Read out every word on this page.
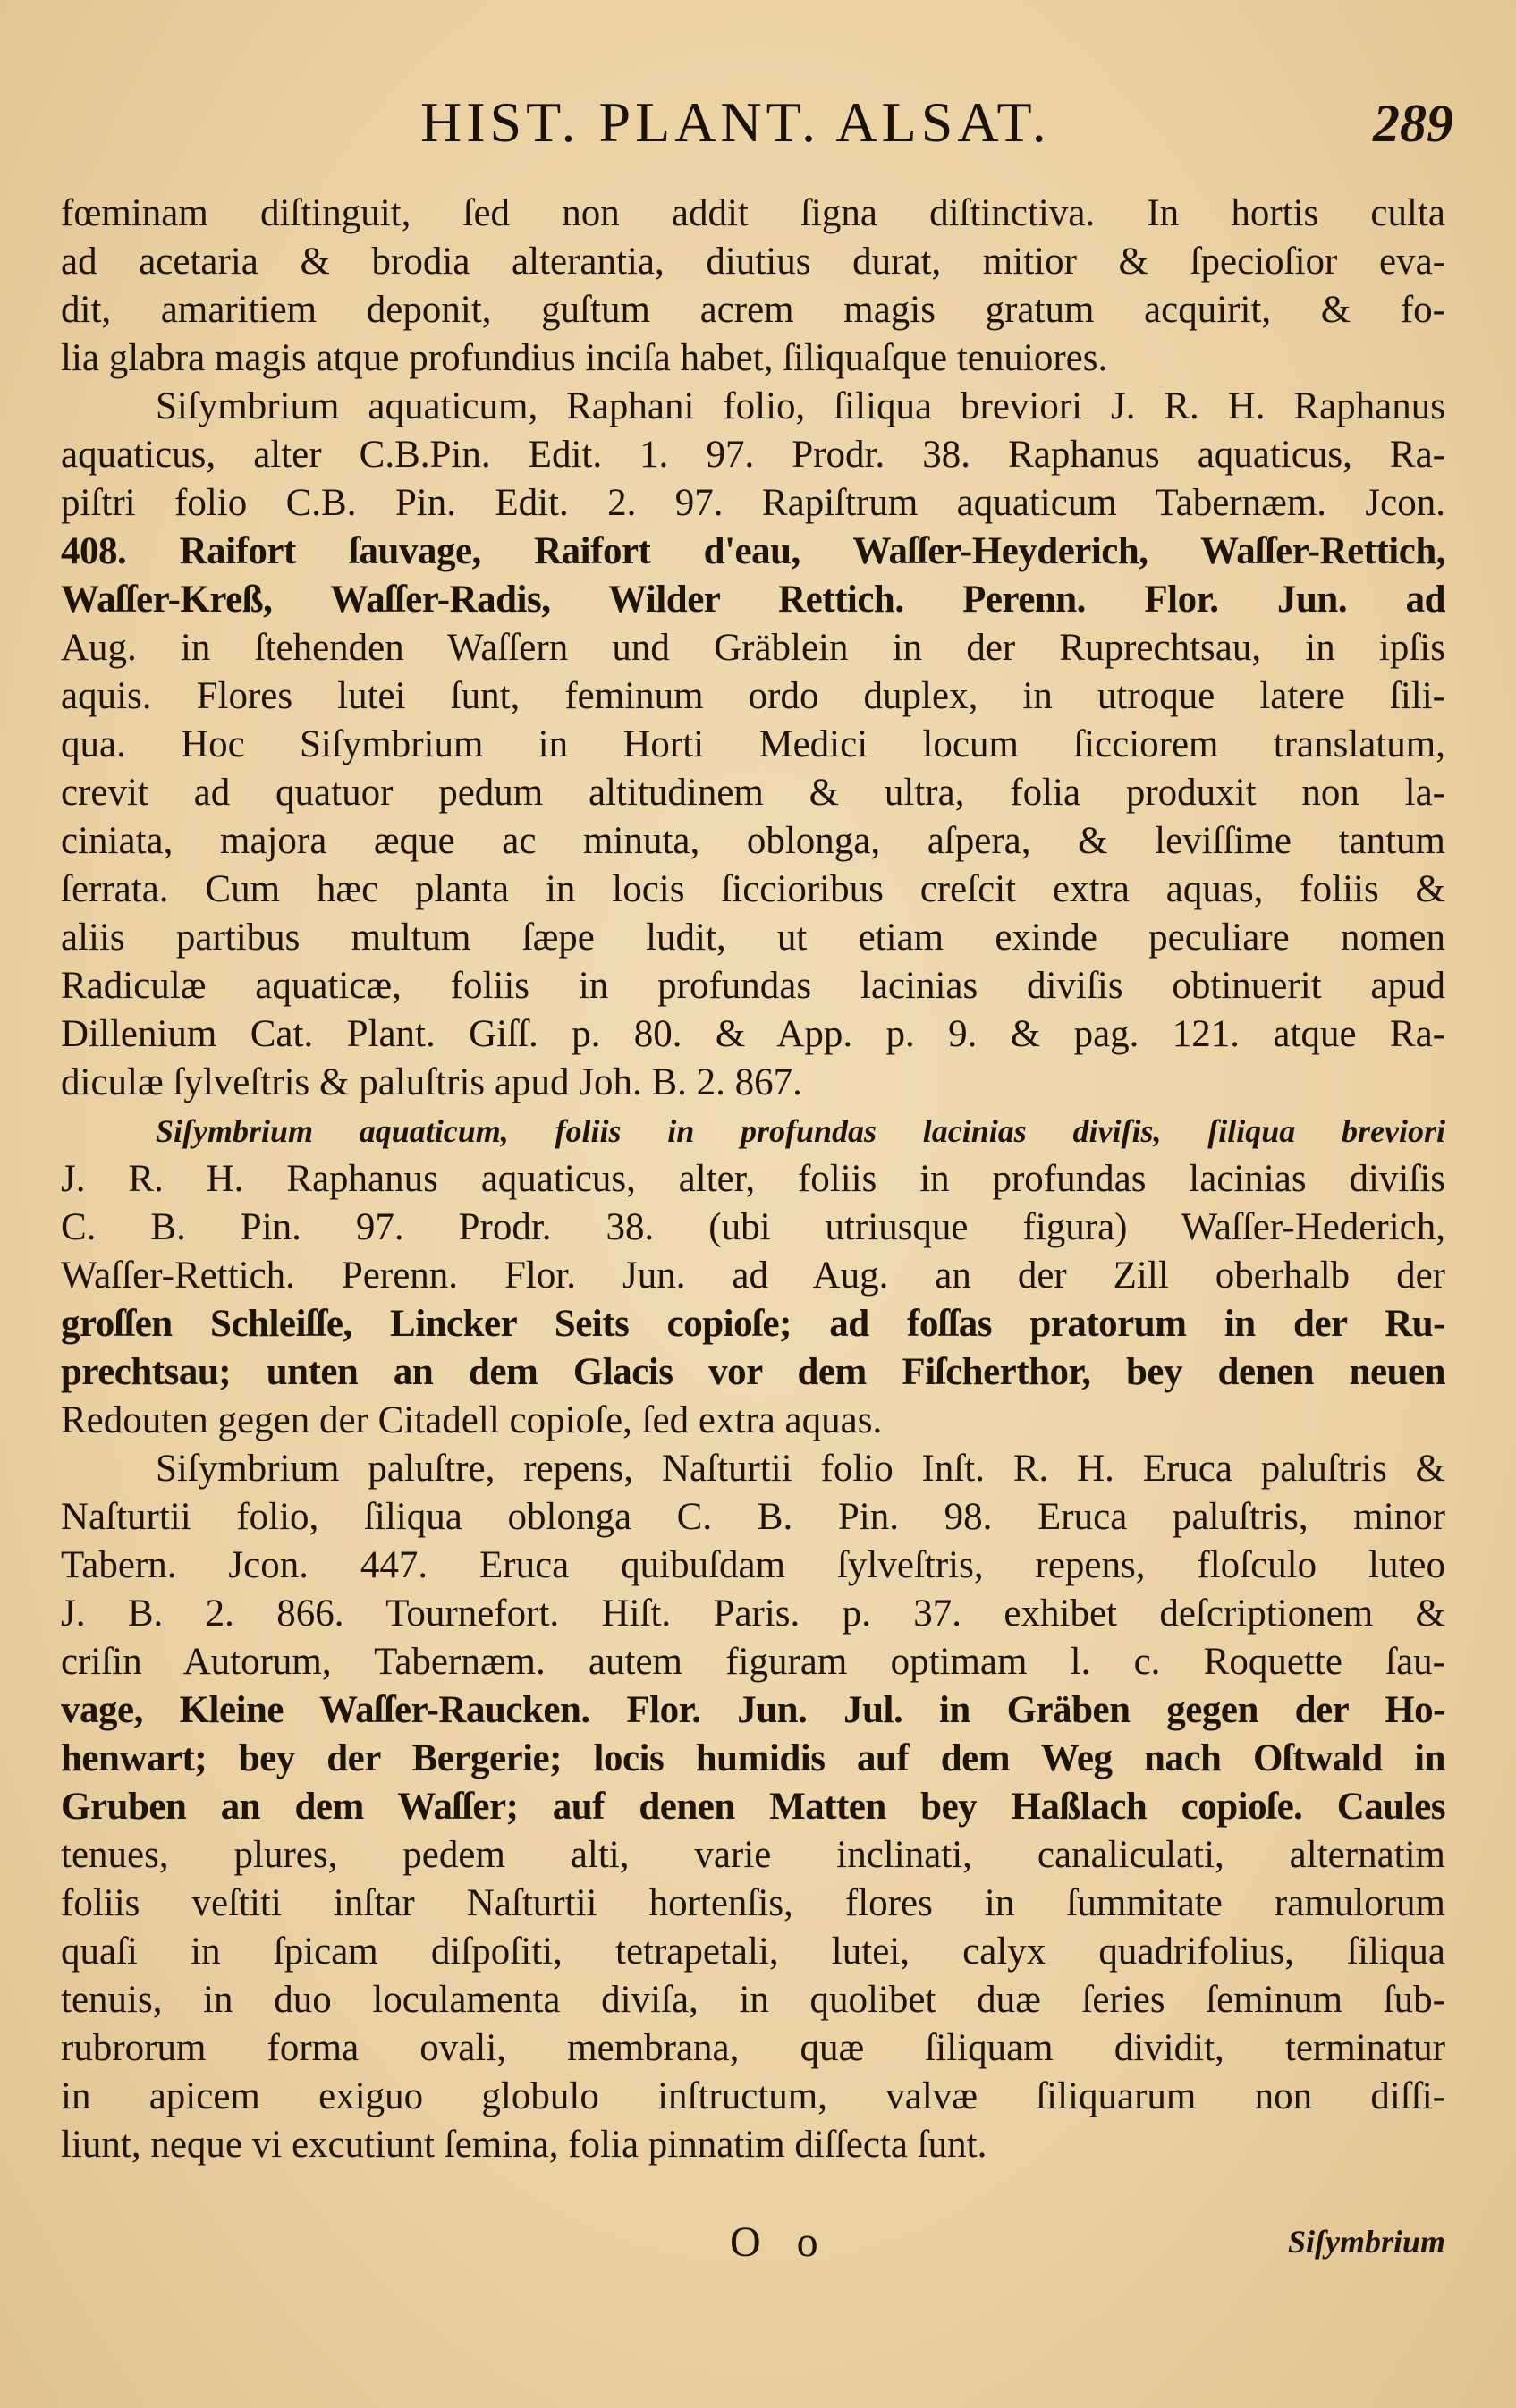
HIST. PLANT. ALSAT.	289
fœminam diſtinguit, ſed non addit ſigna diſtinctiva. In hortis culta
ad acetaria & brodia alterantia, diutius durat, mitior & ſpecioſior eva-
dit, amaritiem deponit, guſtum acrem magis gratum acquirit, & fo-
lia glabra magis atque profundius inciſa habet, ſiliquaſque tenuiores.
Siſymbrium aquaticum, Raphani folio, ſiliqua breviori J. R. H. Raphanus
aquaticus, alter C.B.Pin. Edit. 1. 97. Prodr. 38. Raphanus aquaticus, Ra-
piſtri folio C.B. Pin. Edit. 2. 97. Rapiſtrum aquaticum Tabernæm. Jcon.
408. Raifort ſauvage, Raifort d'eau, Waſſer-Heyderich, Waſſer-Rettich,
Waſſer-Kreß, Waſſer-Radis, Wilder Rettich. Perenn. Flor. Jun. ad
Aug. in ſtehenden Waſſern und Gräblein in der Ruprechtsau, in ipſis
aquis. Flores lutei ſunt, feminum ordo duplex, in utroque latere ſili-
qua. Hoc Siſymbrium in Horti Medici locum ſicciorem translatum,
crevit ad quatuor pedum altitudinem & ultra, folia produxit non la-
ciniata, majora æque ac minuta, oblonga, aſpera, & leviſſime tantum
ſerrata. Cum hæc planta in locis ſiccioribus creſcit extra aquas, foliis &
aliis partibus multum ſæpe ludit, ut etiam exinde peculiare nomen
Radiculæ aquaticæ, foliis in profundas lacinias diviſis obtinuerit apud
Dillenium Cat. Plant. Giſſ. p. 80. & App. p. 9. & pag. 121. atque Ra-
diculæ ſylveſtris & paluſtris apud Joh. B. 2. 867.
Siſymbrium aquaticum, foliis in profundas lacinias diviſis, ſiliqua breviori
J. R. H. Raphanus aquaticus, alter, foliis in profundas lacinias diviſis
C. B. Pin. 97. Prodr. 38. (ubi utriusque figura) Waſſer-Hederich,
Waſſer-Rettich. Perenn. Flor. Jun. ad Aug. an der Zill oberhalb der
groſſen Schleiſſe, Lincker Seits copioſe; ad foſſas pratorum in der Ru-
prechtsau; unten an dem Glacis vor dem Fiſcherthor, bey denen neuen
Redouten gegen der Citadell copioſe, ſed extra aquas.
Siſymbrium paluſtre, repens, Naſturtii folio Inſt. R. H. Eruca paluſtris &
Naſturtii folio, ſiliqua oblonga C. B. Pin. 98. Eruca paluſtris, minor
Tabern. Jcon. 447. Eruca quibuſdam ſylveſtris, repens, floſculo luteo
J. B. 2. 866. Tournefort. Hiſt. Paris. p. 37. exhibet deſcriptionem &
criſin Autorum, Tabernæm. autem figuram optimam l. c. Roquette ſau-
vage, Kleine Waſſer-Raucken. Flor. Jun. Jul. in Gräben gegen der Ho-
henwart; bey der Bergerie; locis humidis auf dem Weg nach Oſtwald in
Gruben an dem Waſſer; auf denen Matten bey Haßlach copioſe. Caules
tenues, plures, pedem alti, varie inclinati, canaliculati, alternatim
foliis veſtiti inſtar Naſturtii hortenſis, flores in ſummitate ramulorum
quaſi in ſpicam diſpoſiti, tetrapetali, lutei, calyx quadrifolius, ſiliqua
tenuis, in duo loculamenta diviſa, in quolibet duæ ſeries ſeminum ſub-
rubrorum forma ovali, membrana, quæ ſiliquam dividit, terminatur
in apicem exiguo globulo inſtructum, valvæ ſiliquarum non diſſi-
liunt, neque vi excutiunt ſemina, folia pinnatim diſſecta ſunt.
O o	Siſymbrium
